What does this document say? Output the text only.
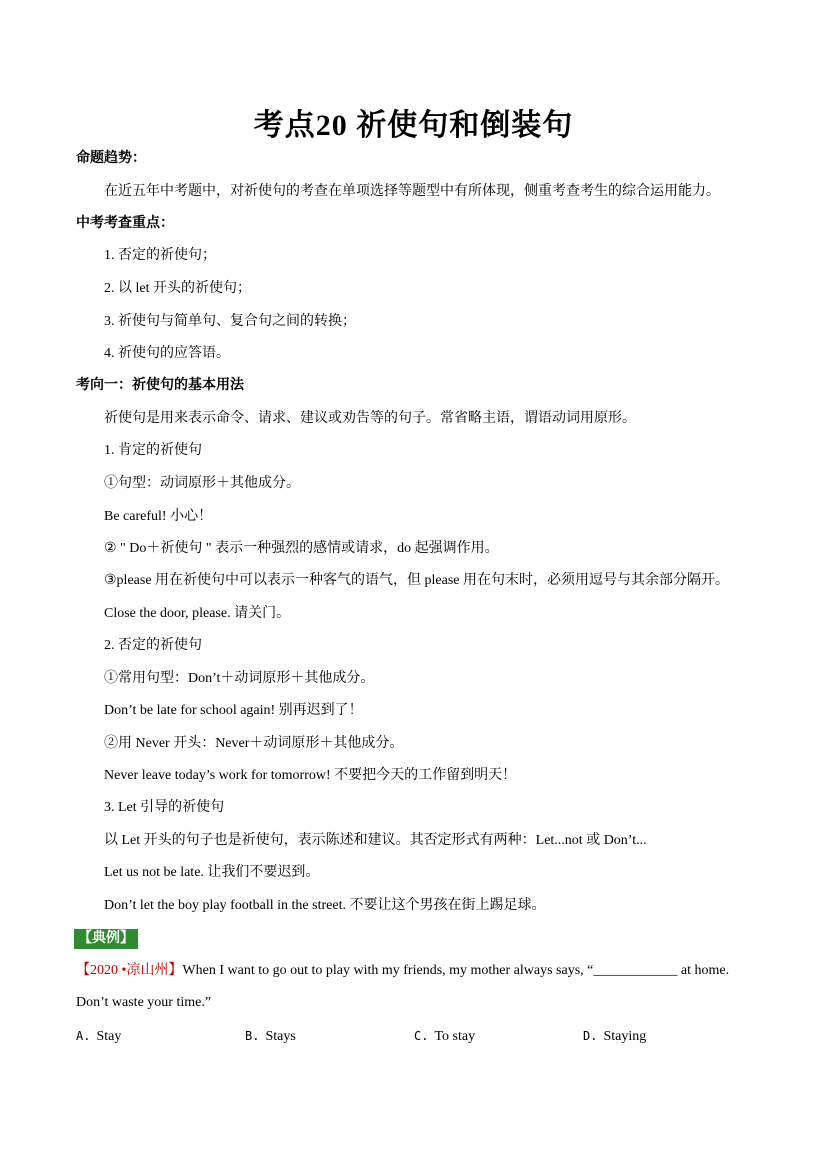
考点20 祈使句和倒装句
命题趋势：
在近五年中考题中，对祈使句的考查在单项选择等题型中有所体现，侧重考查考生的综合运用能力。
中考考查重点：
1. 否定的祈使句；
2. 以 let 开头的祈使句；
3. 祈使句与简单句、复合句之间的转换；
4. 祈使句的应答语。
考向一：祈使句的基本用法
祈使句是用来表示命令、请求、建议或劝告等的句子。常省略主语，谓语动词用原形。
1. 肯定的祈使句
①句型：动词原形＋其他成分。
Be careful! 小心！
② " Do＋祈使句 " 表示一种强烈的感情或请求，do 起强调作用。
③please 用在祈使句中可以表示一种客气的语气，但 please 用在句末时，必须用逗号与其余部分隔开。
Close the door, please. 请关门。
2. 否定的祈使句
①常用句型：Don’t＋动词原形＋其他成分。
Don’t be late for school again! 别再迟到了！
②用 Never 开头：Never＋动词原形＋其他成分。
Never leave today’s work for tomorrow! 不要把今天的工作留到明天！
3. Let 引导的祈使句
以 Let 开头的句子也是祈使句，表示陈述和建议。其否定形式有两种：Let...not 或 Don’t...
Let us not be late. 让我们不要迟到。
Don’t let the boy play football in the street. 不要让这个男孩在街上踢足球。
【典例】
【2020 •凉山州】When I want to go out to play with my friends, my mother always says, “____________ at home.
Don’t waste your time.”
A. Stay	B. Stays	C. To stay	D. Staying
